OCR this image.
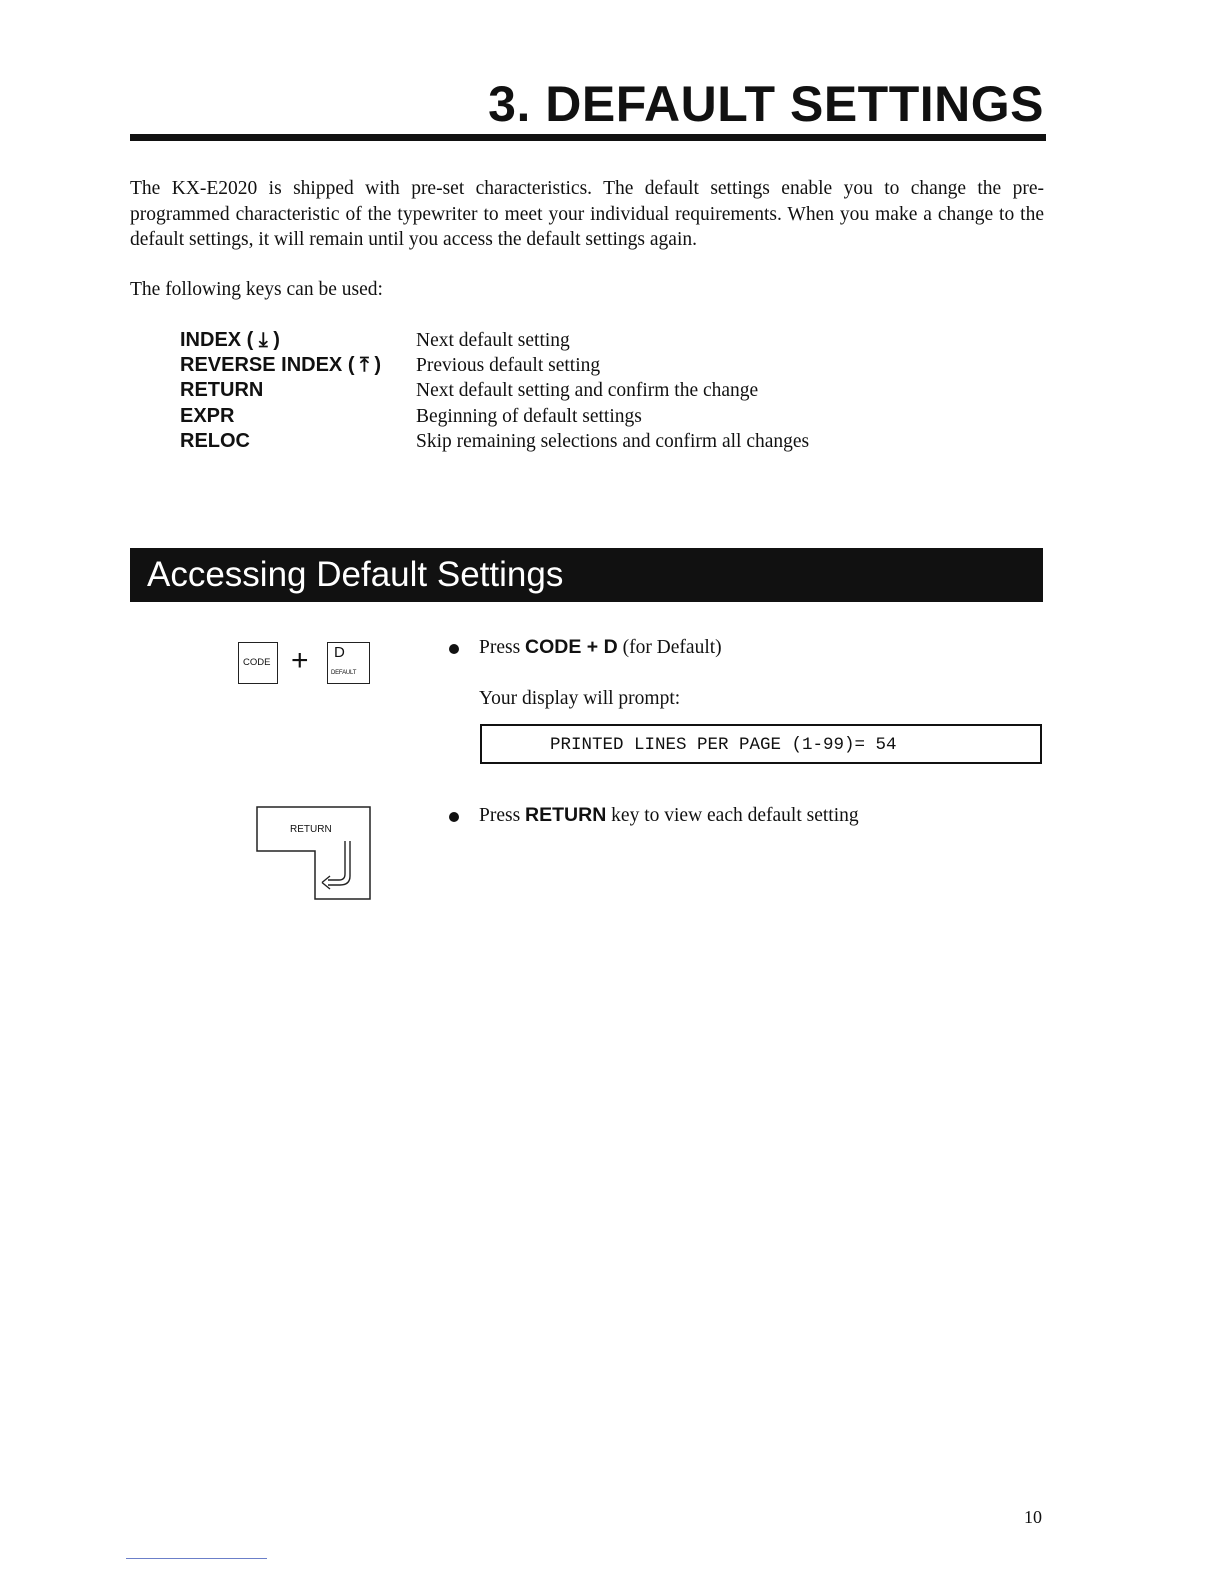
3. DEFAULT SETTINGS
The KX-E2020 is shipped with pre-set characteristics. The default settings enable you to change the pre-programmed characteristic of the typewriter to meet your individual requirements. When you make a change to the default settings, it will remain until you access the default settings again.
The following keys can be used:
INDEX ( ⤓ )	Next default setting
REVERSE INDEX ( ⤒ ) Previous default setting
RETURN	Next default setting and confirm the change
EXPR	Beginning of default settings
RELOC	Skip remaining selections and confirm all changes
Accessing Default Settings
CODE + D
DEFAULT
Press CODE + D (for Default)
Your display will prompt:
PRINTED LINES PER PAGE (1-99)= 54
RETURN
Press RETURN key to view each default setting
10
